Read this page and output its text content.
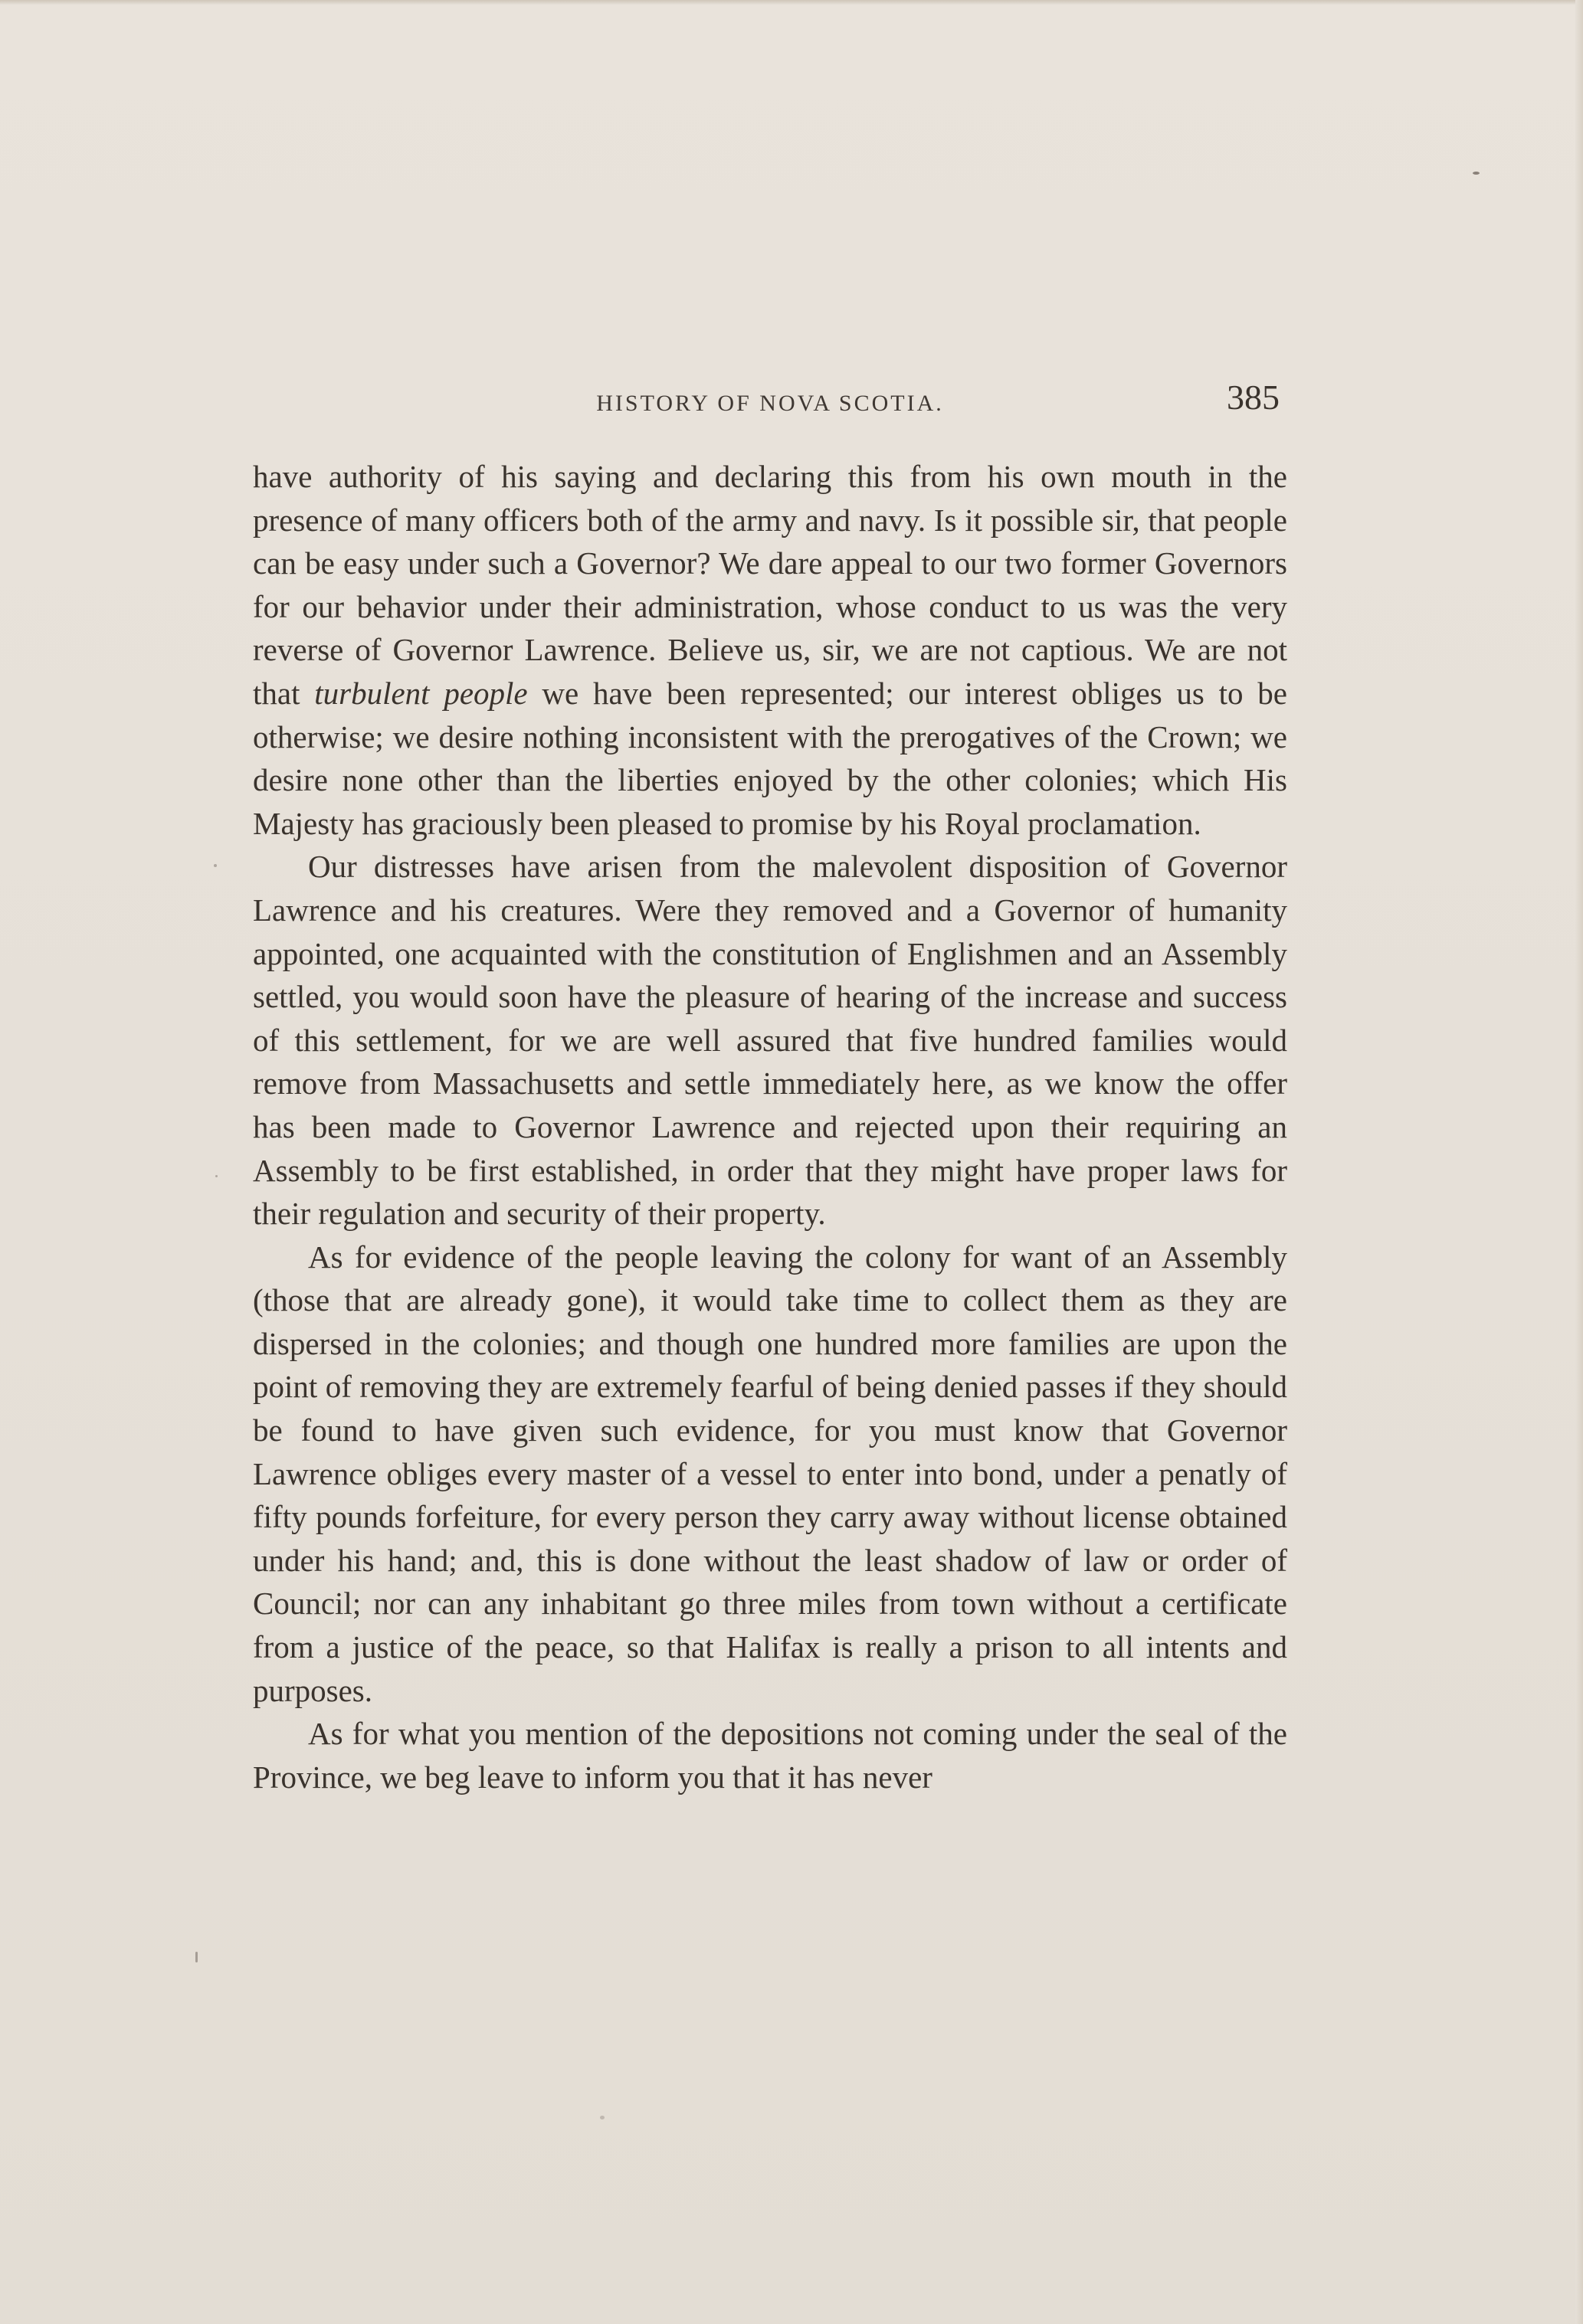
HISTORY OF NOVA SCOTIA.	385

have authority of his saying and declaring this from his own mouth in the presence of many officers both of the army and navy. Is it possible sir, that people can be easy under such a Governor? We dare appeal to our two former Governors for our behavior under their administration, whose conduct to us was the very reverse of Governor Lawrence. Believe us, sir, we are not captious. We are not that turbulent people we have been represented; our interest obliges us to be otherwise; we desire nothing inconsistent with the prerogatives of the Crown; we desire none other than the liberties enjoyed by the other colonies; which His Majesty has graciously been pleased to promise by his Royal proclamation.

Our distresses have arisen from the malevolent disposition of Governor Lawrence and his creatures. Were they removed and a Governor of humanity appointed, one acquainted with the constitution of Englishmen and an Assembly settled, you would soon have the pleasure of hearing of the increase and success of this settlement, for we are well assured that five hundred families would remove from Massachusetts and settle immediately here, as we know the offer has been made to Governor Lawrence and rejected upon their requiring an Assembly to be first established, in order that they might have proper laws for their regulation and security of their property.

As for evidence of the people leaving the colony for want of an Assembly (those that are already gone), it would take time to collect them as they are dispersed in the colonies; and though one hundred more families are upon the point of removing they are extremely fearful of being denied passes if they should be found to have given such evidence, for you must know that Governor Lawrence obliges every master of a vessel to enter into bond, under a penatly of fifty pounds forfeiture, for every person they carry away without license obtained under his hand; and, this is done without the least shadow of law or order of Council; nor can any inhabitant go three miles from town without a certificate from a justice of the peace, so that Halifax is really a prison to all intents and purposes.

As for what you mention of the depositions not coming under the seal of the Province, we beg leave to inform you that it has never
